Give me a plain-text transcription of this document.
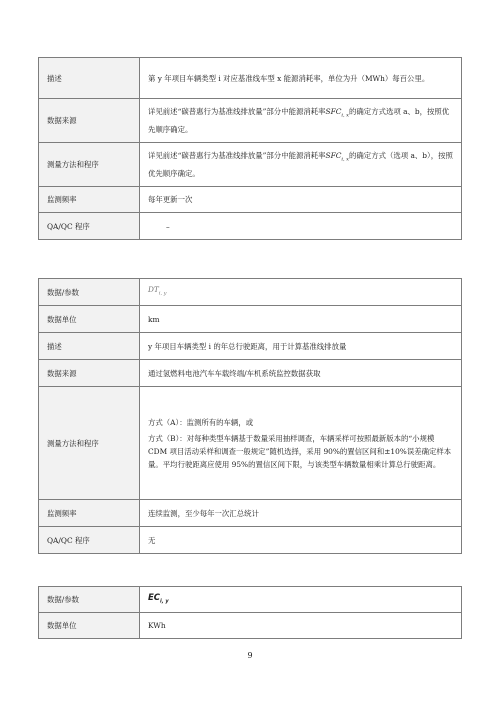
描述	第 y 年项目车辆类型 i 对应基准线车型 x 能源消耗率，单位为升（MWh）每百公里。
数据来源	详见前述“碳普惠行为基准线排放量”部分中能源消耗率$SFC_{i, x}$的确定方式选项 a、b，按照优先顺序确定。
测量方法和程序	详见前述“碳普惠行为基准线排放量”部分中能源消耗率$SFC_{i, x}$的确定方式（选项 a、b），按照优先顺序确定。
监测频率	每年更新一次
QA/QC 程序	–
数据/参数	$DT_{i, y}$
数据单位	km
描述	y 年项目车辆类型 i 的年总行驶距离，用于计算基准线排放量
数据来源	通过氢燃料电池汽车车载终端/车机系统监控数据获取
测量方法和程序	方式（A）：监测所有的车辆，或

方式（B）：对每种类型车辆基于数量采用抽样调查，车辆采样可按照最新版本的“小规模 CDM 项目活动采样和调查一般规定”随机选择，采用 90%的置信区间和±10%误差确定样本量。平均行驶距离应使用 95%的置信区间下限，与该类型车辆数量相乘计算总行驶距离。

监测频率	连续监测，至少每年一次汇总统计
QA/QC 程序	无
数据/参数	$EC_{i, y}$
数据单位	KWh
9
